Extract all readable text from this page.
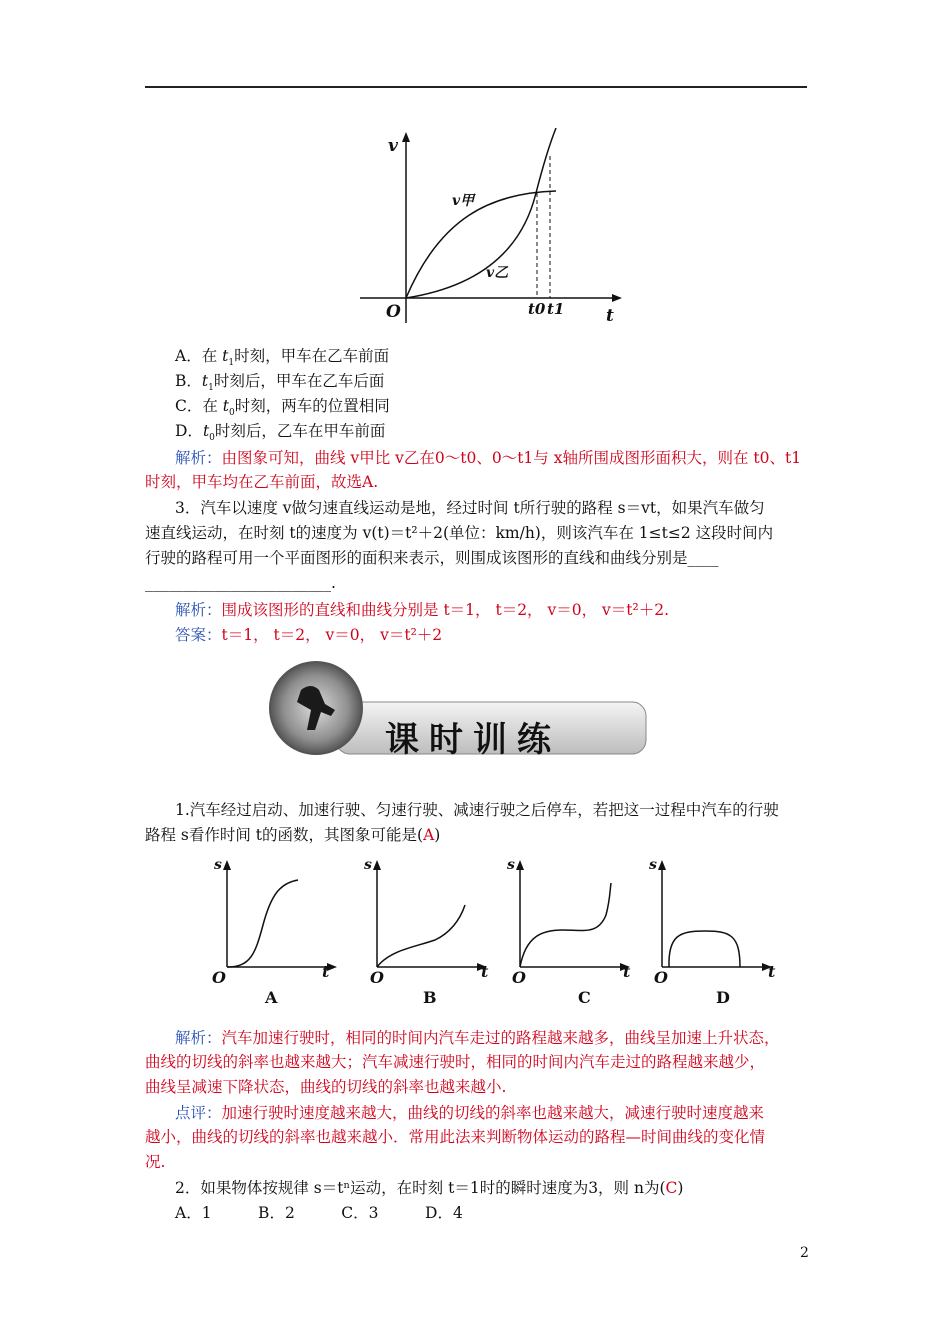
v
O	t
v甲
v乙
t0 t1
A．在 $t_1$时刻，甲车在乙车前面
B．$t_1$时刻后，甲车在乙车后面
C．在 $t_0$时刻，两车的位置相同
D．$t_0$时刻后，乙车在甲车前面
解析：由图象可知，曲线 v甲比 v乙在0～t0、0～t1与 x轴所围成图形面积大，则在 t0、t1
时刻，甲车均在乙车前面，故选A.
3．汽车以速度 v做匀速直线运动是地，经过时间 t所行驶的路程 s＝vt，如果汽车做匀
速直线运动，在时刻 t的速度为 v(t)＝t²＋2(单位：km/h)，则该汽车在 1≤t≤2 这段时间内
行驶的路程可用一个平面图形的面积来表示，则围成该图形的直线和曲线分别是____
________________________.
解析：围成该图形的直线和曲线分别是 t＝1， t＝2， v＝0， v＝t²＋2.
答案：t＝1， t＝2， v＝0， v＝t²＋2
课时训练
1.汽车经过启动、加速行驶、匀速行驶、减速行驶之后停车，若把这一过程中汽车的行驶
路程 s看作时间 t的函数，其图象可能是(A)
s
O	t
A
s
O	t
B
s
O	t
C
s
O	t
D
解析：汽车加速行驶时，相同的时间内汽车走过的路程越来越多，曲线呈加速上升状态，
曲线的切线的斜率也越来越大；汽车减速行驶时，相同的时间内汽车走过的路程越来越少，
曲线呈减速下降状态，曲线的切线的斜率也越来越小.
点评：加速行驶时速度越来越大，曲线的切线的斜率也越来越大，减速行驶时速度越来
越小，曲线的切线的斜率也越来越小．常用此法来判断物体运动的路程—时间曲线的变化情
况.
2．如果物体按规律 s＝tⁿ运动，在时刻 t＝1时的瞬时速度为3，则 n为(C)
A．1　　　B．2　　　C．3　　　D．4
2
